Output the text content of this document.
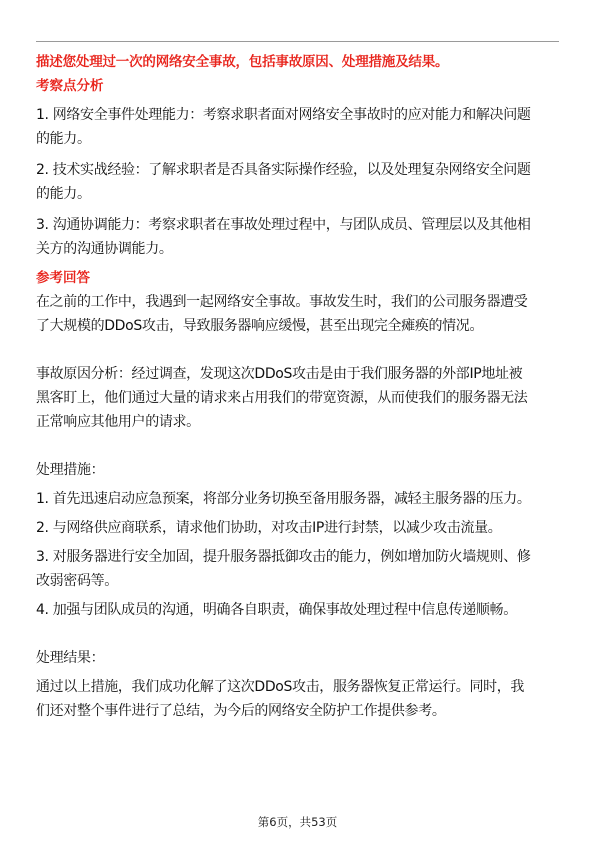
描述您处理过一次的网络安全事故，包括事故原因、处理措施及结果。

考察点分析

1. 网络安全事件处理能力：考察求职者面对网络安全事故时的应对能力和解决问题

的能力。

2. 技术实战经验：了解求职者是否具备实际操作经验，以及处理复杂网络安全问题

的能力。

3. 沟通协调能力：考察求职者在事故处理过程中，与团队成员、管理层以及其他相

关方的沟通协调能力。

参考回答

在之前的工作中，我遇到一起网络安全事故。事故发生时，我们的公司服务器遭受

了大规模的DDoS攻击，导致服务器响应缓慢，甚至出现完全瘫痪的情况。

事故原因分析：经过调查，发现这次DDoS攻击是由于我们服务器的外部IP地址被

黑客盯上，他们通过大量的请求来占用我们的带宽资源，从而使我们的服务器无法

正常响应其他用户的请求。

处理措施：

1. 首先迅速启动应急预案，将部分业务切换至备用服务器，减轻主服务器的压力。

2. 与网络供应商联系，请求他们协助，对攻击IP进行封禁，以减少攻击流量。

3. 对服务器进行安全加固，提升服务器抵御攻击的能力，例如增加防火墙规则、修

改弱密码等。

4. 加强与团队成员的沟通，明确各自职责，确保事故处理过程中信息传递顺畅。

处理结果：

通过以上措施，我们成功化解了这次DDoS攻击，服务器恢复正常运行。同时，我

们还对整个事件进行了总结，为今后的网络安全防护工作提供参考。

第6页，共53页
